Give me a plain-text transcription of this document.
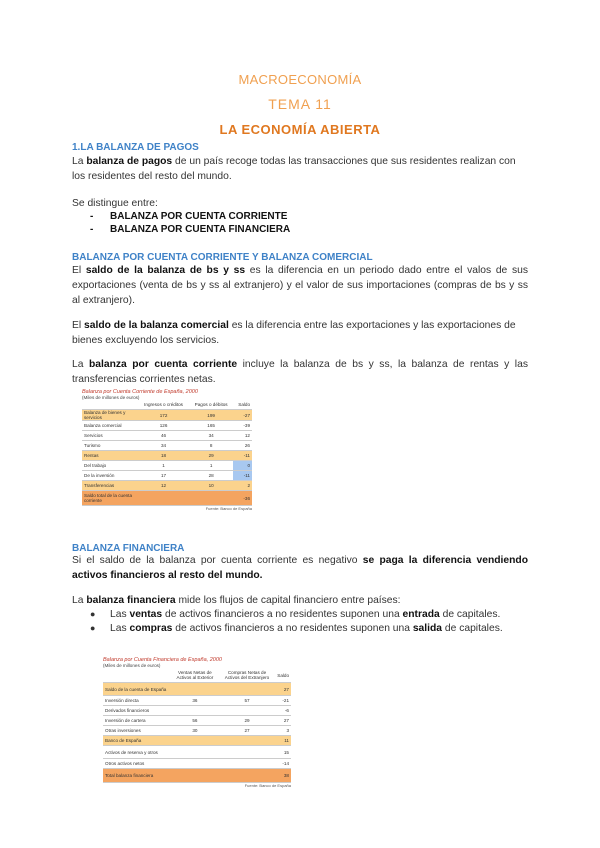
MACROECONOMÍA
TEMA 11
LA ECONOMÍA ABIERTA
1.LA BALANZA DE PAGOS
La balanza de pagos de un país recoge todas las transacciones que sus residentes realizan con los residentes del resto del mundo.
Se distingue entre:
- BALANZA POR CUENTA CORRIENTE
- BALANZA POR CUENTA FINANCIERA
BALANZA POR CUENTA CORRIENTE Y BALANZA COMERCIAL
El saldo de la balanza de bs y ss es la diferencia en un periodo dado entre el valos de sus exportaciones (venta de bs y ss al extranjero) y el valor de sus importaciones (compras de bs y ss al extranjero).
El saldo de la balanza comercial es la diferencia entre las exportaciones y las exportaciones de bienes excluyendo los servicios.
La balanza por cuenta corriente incluye la balanza de bs y ss, la balanza de rentas y las transferencias corrientes netas.
Balanza por Cuenta Corriente de España, 2000
(Miles de millones de euros)
	Ingresos o créditos	Pagos o débitos	Saldo
Balanza de bienes y servicios	172	199	-27
Balanza comercial	126	165	-39
Servicios	46	34	12
Turismo	34	8	26
Rentas	18	29	-11
Del trabajo	1	1	0
De la inversión	17	28	-11
Transferencias	12	10	2
Saldo total de la cuenta corriente			-36
Fuente: Banco de España
BALANZA FINANCIERA
Si el saldo de la balanza por cuenta corriente es negativo se paga la diferencia vendiendo activos financieros al resto del mundo.
La balanza financiera mide los flujos de capital financiero entre países:
● Las ventas de activos financieros a no residentes suponen una entrada de capitales.
● Las compras de activos financieros a no residentes suponen una salida de capitales.
Balanza por Cuenta Financiera de España, 2000
(Miles de millones de euros)
	Ventas Netas de Activos al Exterior	Compras Netas de Activos del Extranjero	Saldo
Saldo de la cuenta de España			27
Inversión directa	36	57	-21
Derivados financieros			-6
Inversión de cartera	56	29	27
Otras inversiones	30	27	3
Banco de España			11
Activos de reserva y otros			15
Otros activos netos			-14
Total balanza financiera			38
Fuente: Banco de España
